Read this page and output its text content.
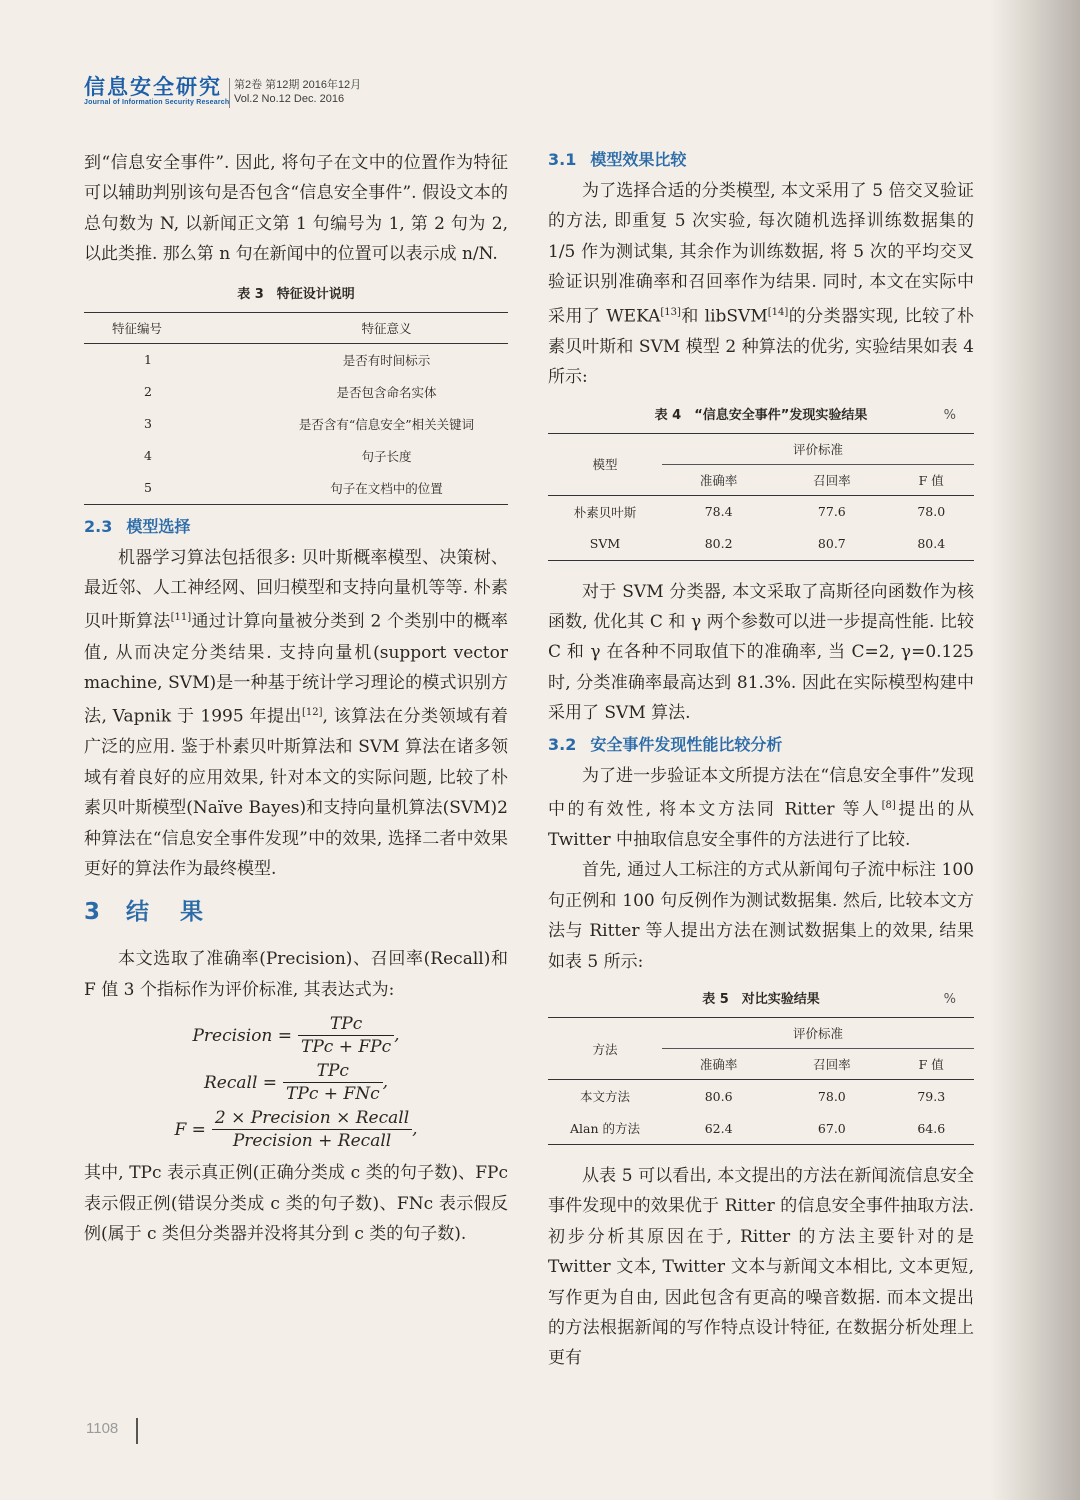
信息安全研究
Journal of Information Security Research
第2卷 第12期 2016年12月
Vol.2 No.12 Dec. 2016

到“信息安全事件”. 因此, 将句子在文中的位置作为特征可以辅助判别该句是否包含“信息安全事件”. 假设文本的总句数为 N, 以新闻正文第 1 句编号为 1, 第 2 句为 2, 以此类推. 那么第 n 句在新闻中的位置可以表示成 n/N.

表 3　特征设计说明
特征编号	特征意义
1	是否有时间标示
2	是否包含命名实体
3	是否含有“信息安全”相关关键词
4	句子长度
5	句子在文档中的位置
2.3 模型选择

机器学习算法包括很多: 贝叶斯概率模型、决策树、最近邻、人工神经网、回归模型和支持向量机等等. 朴素贝叶斯算法[11]通过计算向量被分类到 2 个类别中的概率值, 从而决定分类结果. 支持向量机(support vector machine, SVM)是一种基于统计学习理论的模式识别方法, Vapnik 于 1995 年提出[12], 该算法在分类领域有着广泛的应用. 鉴于朴素贝叶斯算法和 SVM 算法在诸多领域有着良好的应用效果, 针对本文的实际问题, 比较了朴素贝叶斯模型(Naïve Bayes)和支持向量机算法(SVM)2 种算法在“信息安全事件发现”中的效果, 选择二者中效果更好的算法作为最终模型.

3 结　果

本文选取了准确率(Precision)、召回率(Recall)和 F 值 3 个指标作为评价标准, 其表达式为:

Precision = $\frac{\text{TPc}}{\text{TPc + FPc}}$ ,
Recall = $\frac{\text{TPc}}{\text{TPc + FNc}}$ ,
$F = \frac{\text{2 × Precision × Recall}}{\text{Precision + Recall}}$ ,

其中, TPc 表示真正例(正确分类成 c 类的句子数)、FPc 表示假正例(错误分类成 c 类的句子数)、FNc 表示假反例(属于 c 类但分类器并没将其分到 c 类的句子数).

3.1 模型效果比较

为了选择合适的分类模型, 本文采用了 5 倍交叉验证的方法, 即重复 5 次实验, 每次随机选择训练数据集的 1/5 作为测试集, 其余作为训练数据, 将 5 次的平均交叉验证识别准确率和召回率作为结果. 同时, 本文在实际中采用了 WEKA[13]和 libSVM[14]的分类器实现, 比较了朴素贝叶斯和 SVM 模型 2 种算法的优劣, 实验结果如表 4 所示:

表 4　“信息安全事件”发现实验结果	%
模型	评价标准		
	准确率	召回率	F 值
朴素贝叶斯	78.4	77.6	78.0
SVM	80.2	80.7	80.4

对于 SVM 分类器, 本文采取了高斯径向函数作为核函数, 优化其 C 和 γ 两个参数可以进一步提高性能. 比较 C 和 γ 在各种不同取值下的准确率, 当 C=2, γ=0.125 时, 分类准确率最高达到 81.3%. 因此在实际模型构建中采用了 SVM 算法.

3.2 安全事件发现性能比较分析

为了进一步验证本文所提方法在“信息安全事件”发现中的有效性, 将本文方法同 Ritter 等人[8]提出的从 Twitter 中抽取信息安全事件的方法进行了比较.

首先, 通过人工标注的方式从新闻句子流中标注 100 句正例和 100 句反例作为测试数据集. 然后, 比较本文方法与 Ritter 等人提出方法在测试数据集上的效果, 结果如表 5 所示:

表 5　对比实验结果	%
方法	评价标准		
	准确率	召回率	F 值
本文方法	80.6	78.0	79.3
Alan 的方法	62.4	67.0	64.6

从表 5 可以看出, 本文提出的方法在新闻流信息安全事件发现中的效果优于 Ritter 的信息安全事件抽取方法. 初步分析其原因在于, Ritter 的方法主要针对的是 Twitter 文本, Twitter 文本与新闻文本相比, 文本更短, 写作更为自由, 因此包含有更高的噪音数据. 而本文提出的方法根据新闻的写作特点设计特征, 在数据分析处理上更有

1108
